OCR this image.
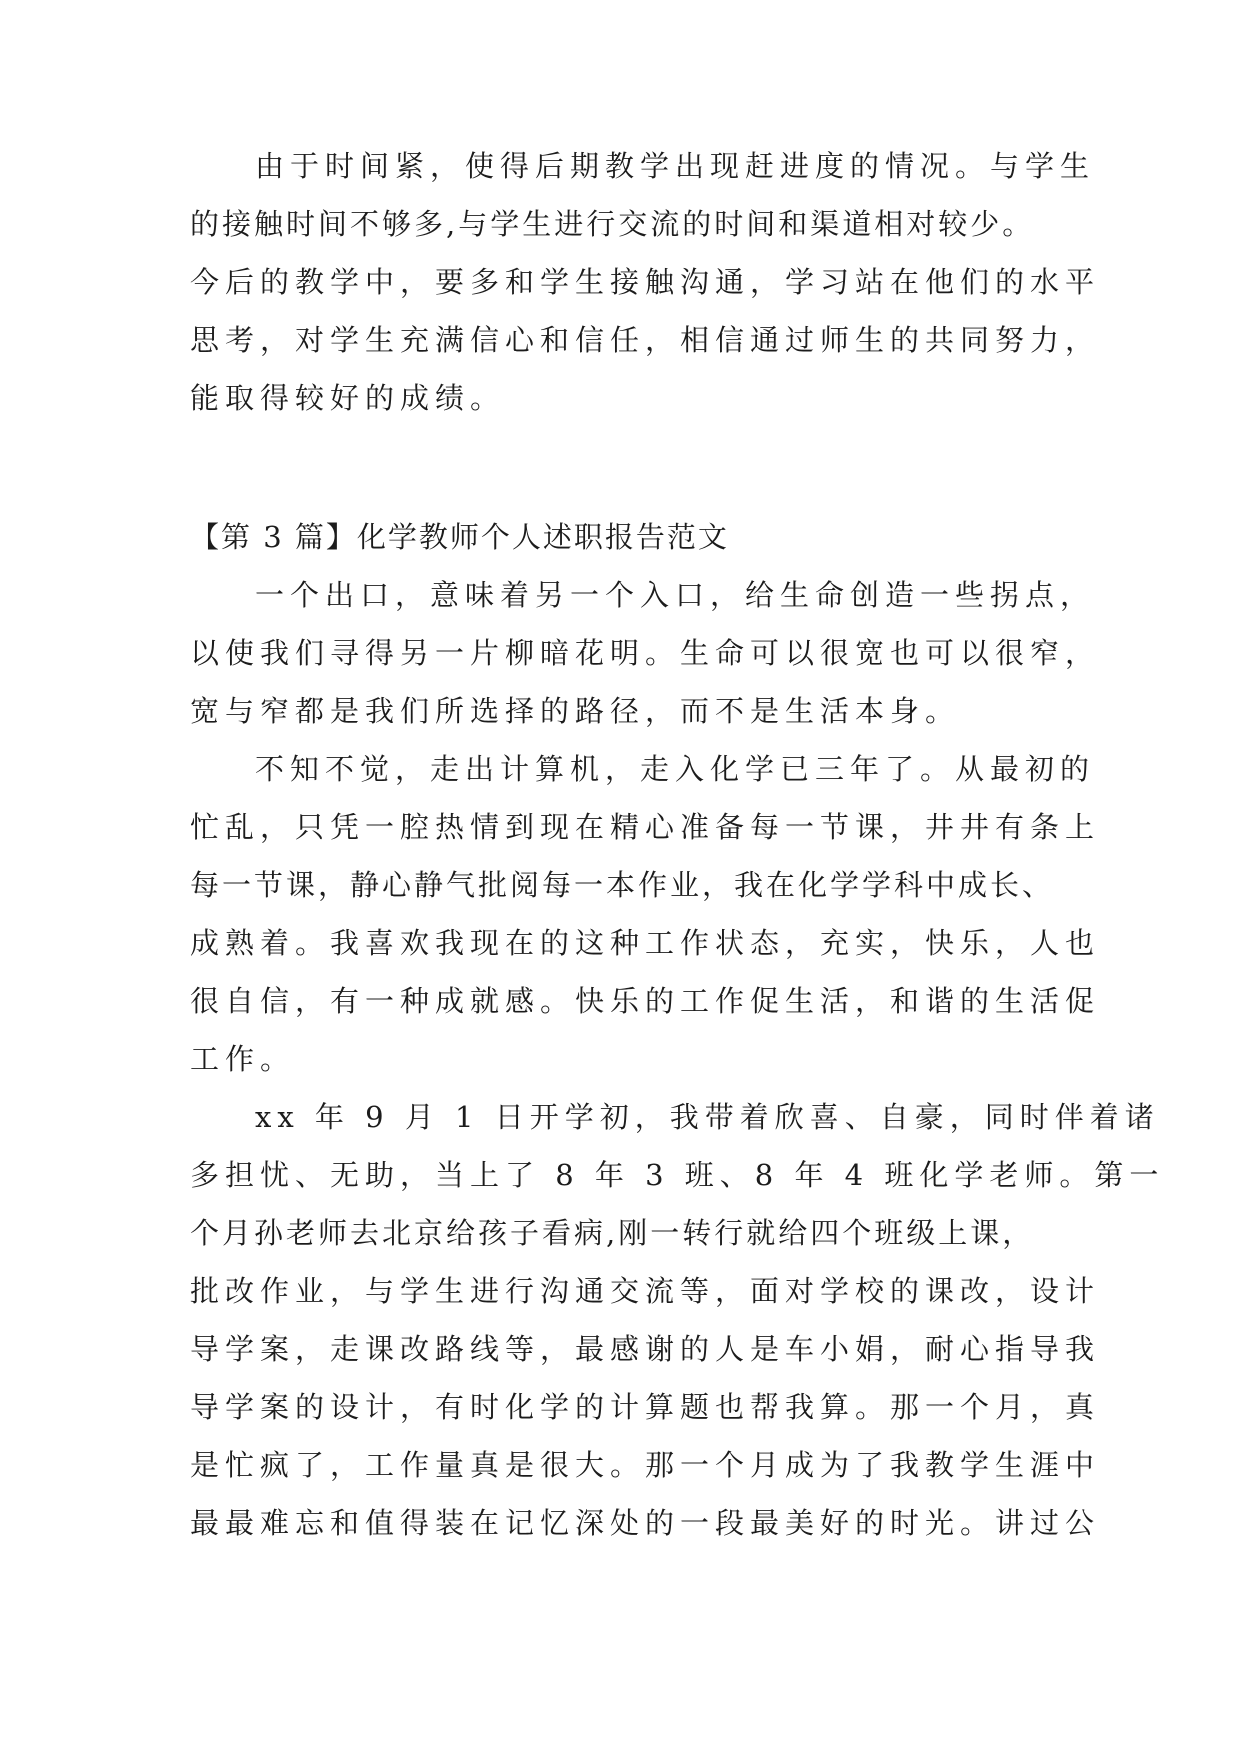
由于时间紧，使得后期教学出现赶进度的情况。与学生
的接触时间不够多,与学生进行交流的时间和渠道相对较少。
今后的教学中，要多和学生接触沟通，学习站在他们的水平
思考，对学生充满信心和信任，相信通过师生的共同努力，
能取得较好的成绩。
【第 3 篇】化学教师个人述职报告范文
一个出口，意味着另一个入口，给生命创造一些拐点，
以使我们寻得另一片柳暗花明。生命可以很宽也可以很窄，
宽与窄都是我们所选择的路径，而不是生活本身。
不知不觉，走出计算机，走入化学已三年了。从最初的
忙乱，只凭一腔热情到现在精心准备每一节课，井井有条上
每一节课，静心静气批阅每一本作业，我在化学学科中成长、
成熟着。我喜欢我现在的这种工作状态，充实，快乐，人也
很自信，有一种成就感。快乐的工作促生活，和谐的生活促
工作。
xx 年 9 月 1 日开学初，我带着欣喜、自豪，同时伴着诸
多担忧、无助，当上了 8 年 3 班、8 年 4 班化学老师。第一
个月孙老师去北京给孩子看病,刚一转行就给四个班级上课，
批改作业，与学生进行沟通交流等，面对学校的课改，设计
导学案，走课改路线等，最感谢的人是车小娟，耐心指导我
导学案的设计，有时化学的计算题也帮我算。那一个月，真
是忙疯了，工作量真是很大。那一个月成为了我教学生涯中
最最难忘和值得装在记忆深处的一段最美好的时光。讲过公
